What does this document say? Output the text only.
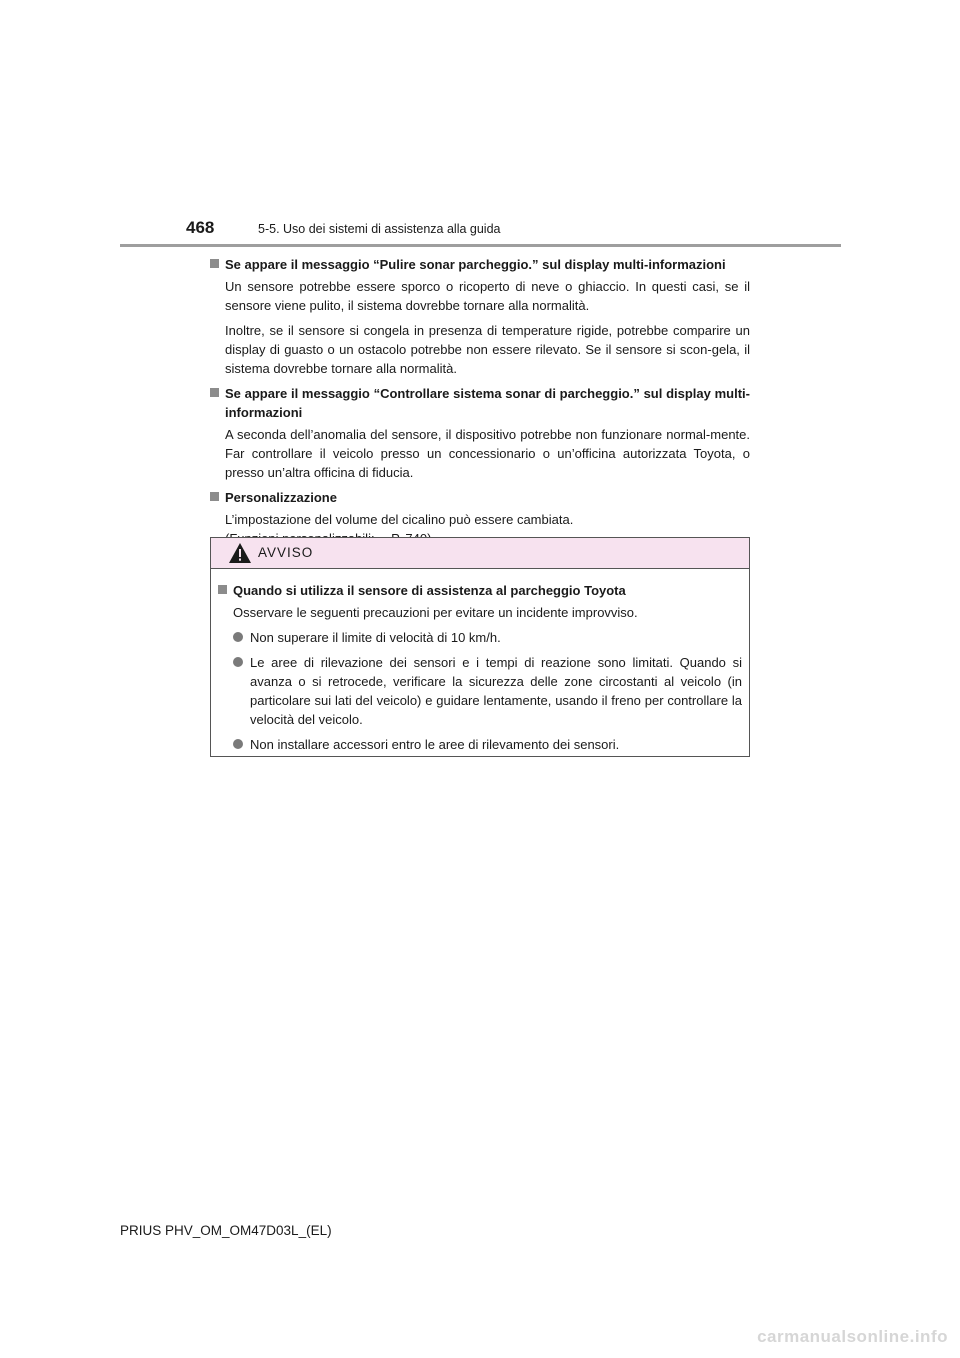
468	5-5. Uso dei sistemi di assistenza alla guida
Se appare il messaggio “Pulire sonar parcheggio.” sul display multi-informazioni

Un sensore potrebbe essere sporco o ricoperto di neve o ghiaccio. In questi casi, se il sensore viene pulito, il sistema dovrebbe tornare alla normalità.

Inoltre, se il sensore si congela in presenza di temperature rigide, potrebbe comparire un display di guasto o un ostacolo potrebbe non essere rilevato. Se il sensore si scon-gela, il sistema dovrebbe tornare alla normalità.

Se appare il messaggio “Controllare sistema sonar di parcheggio.” sul display multi-informazioni

A seconda dell’anomalia del sensore, il dispositivo potrebbe non funzionare normal-mente. Far controllare il veicolo presso un concessionario o un’officina autorizzata Toyota, o presso un’altra officina di fiducia.

Personalizzazione

L’impostazione del volume del cicalino può essere cambiata.

AVVISO
Quando si utilizza il sensore di assistenza al parcheggio Toyota
Osservare le seguenti precauzioni per evitare un incidente improvviso.
Non superare il limite di velocità di 10 km/h.
Le aree di rilevazione dei sensori e i tempi di reazione sono limitati. Quando si avanza o si retrocede, verificare la sicurezza delle zone circostanti al veicolo (in particolare sui lati del veicolo) e guidare lentamente, usando il freno per controllare la velocità del veicolo.
Non installare accessori entro le aree di rilevamento dei sensori.
PRIUS PHV_OM_OM47D03L_(EL)
carmanualsonline.info
